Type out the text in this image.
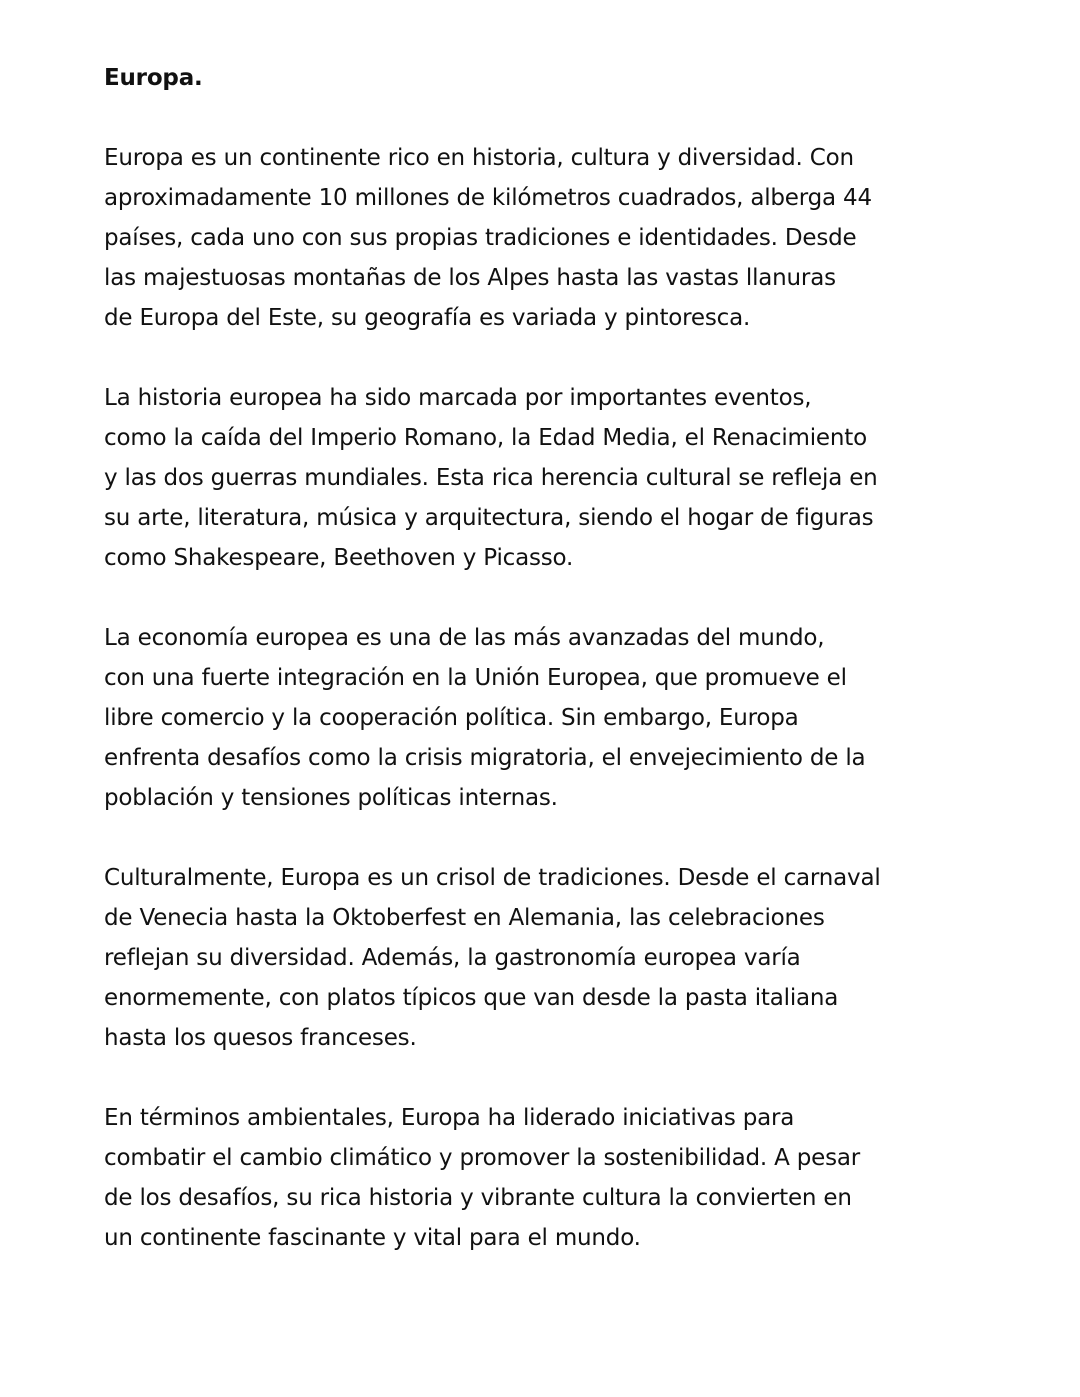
Europa.
Europa es un continente rico en historia, cultura y diversidad. Con
aproximadamente 10 millones de kilómetros cuadrados, alberga 44
países, cada uno con sus propias tradiciones e identidades. Desde
las majestuosas montañas de los Alpes hasta las vastas llanuras
de Europa del Este, su geografía es variada y pintoresca.
La historia europea ha sido marcada por importantes eventos,
como la caída del Imperio Romano, la Edad Media, el Renacimiento
y las dos guerras mundiales. Esta rica herencia cultural se refleja en
su arte, literatura, música y arquitectura, siendo el hogar de figuras
como Shakespeare, Beethoven y Picasso.
La economía europea es una de las más avanzadas del mundo,
con una fuerte integración en la Unión Europea, que promueve el
libre comercio y la cooperación política. Sin embargo, Europa
enfrenta desafíos como la crisis migratoria, el envejecimiento de la
población y tensiones políticas internas.
Culturalmente, Europa es un crisol de tradiciones. Desde el carnaval
de Venecia hasta la Oktoberfest en Alemania, las celebraciones
reflejan su diversidad. Además, la gastronomía europea varía
enormemente, con platos típicos que van desde la pasta italiana
hasta los quesos franceses.
En términos ambientales, Europa ha liderado iniciativas para
combatir el cambio climático y promover la sostenibilidad. A pesar
de los desafíos, su rica historia y vibrante cultura la convierten en
un continente fascinante y vital para el mundo.
